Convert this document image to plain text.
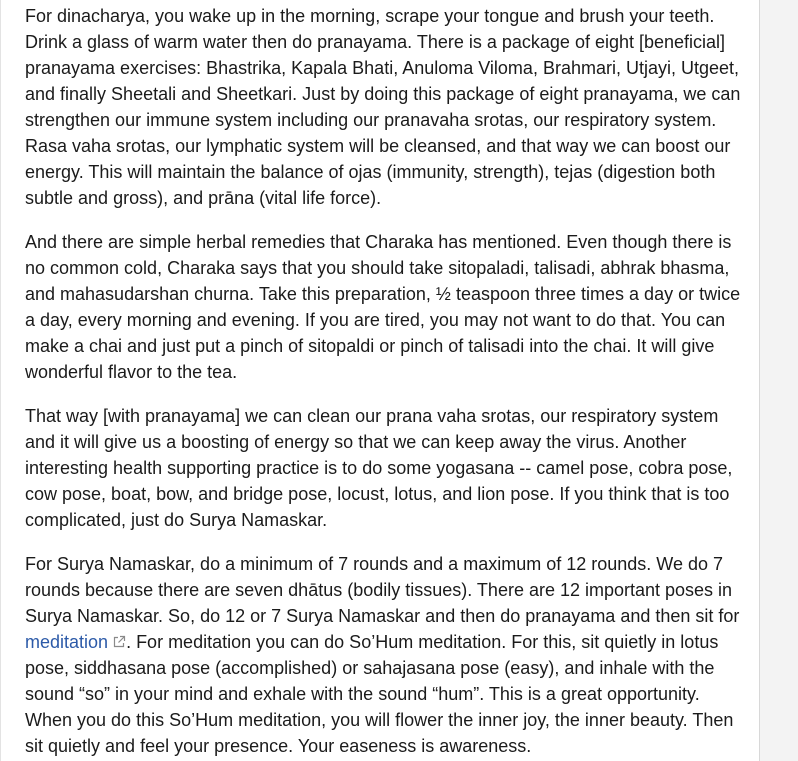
For dinacharya, you wake up in the morning, scrape your tongue and brush your teeth. Drink a glass of warm water then do pranayama. There is a package of eight [beneficial] pranayama exercises: Bhastrika, Kapala Bhati, Anuloma Viloma, Brahmari, Utjayi, Utgeet, and finally Sheetali and Sheetkari. Just by doing this package of eight pranayama, we can strengthen our immune system including our pranavaha srotas, our respiratory system. Rasa vaha srotas, our lymphatic system will be cleansed, and that way we can boost our energy. This will maintain the balance of ojas (immunity, strength), tejas (digestion both subtle and gross), and prāna (vital life force).

And there are simple herbal remedies that Charaka has mentioned. Even though there is no common cold, Charaka says that you should take sitopaladi, talisadi, abhrak bhasma, and mahasudarshan churna. Take this preparation, ½ teaspoon three times a day or twice a day, every morning and evening. If you are tired, you may not want to do that. You can make a chai and just put a pinch of sitopaldi or pinch of talisadi into the chai. It will give wonderful flavor to the tea.

That way [with pranayama] we can clean our prana vaha srotas, our respiratory system and it will give us a boosting of energy so that we can keep away the virus. Another interesting health supporting practice is to do some yogasana -- camel pose, cobra pose, cow pose, boat, bow, and bridge pose, locust, lotus, and lion pose. If you think that is too complicated, just do Surya Namaskar.

For Surya Namaskar, do a minimum of 7 rounds and a maximum of 12 rounds. We do 7 rounds because there are seven dhātus (bodily tissues). There are 12 important poses in Surya Namaskar. So, do 12 or 7 Surya Namaskar and then do pranayama and then sit for meditation . For meditation you can do So’Hum meditation. For this, sit quietly in lotus pose, siddhasana pose (accomplished) or sahajasana pose (easy), and inhale with the sound “so” in your mind and exhale with the sound “hum”. This is a great opportunity. When you do this So’Hum meditation, you will flower the inner joy, the inner beauty. Then sit quietly and feel your presence. Your easeness is awareness.
